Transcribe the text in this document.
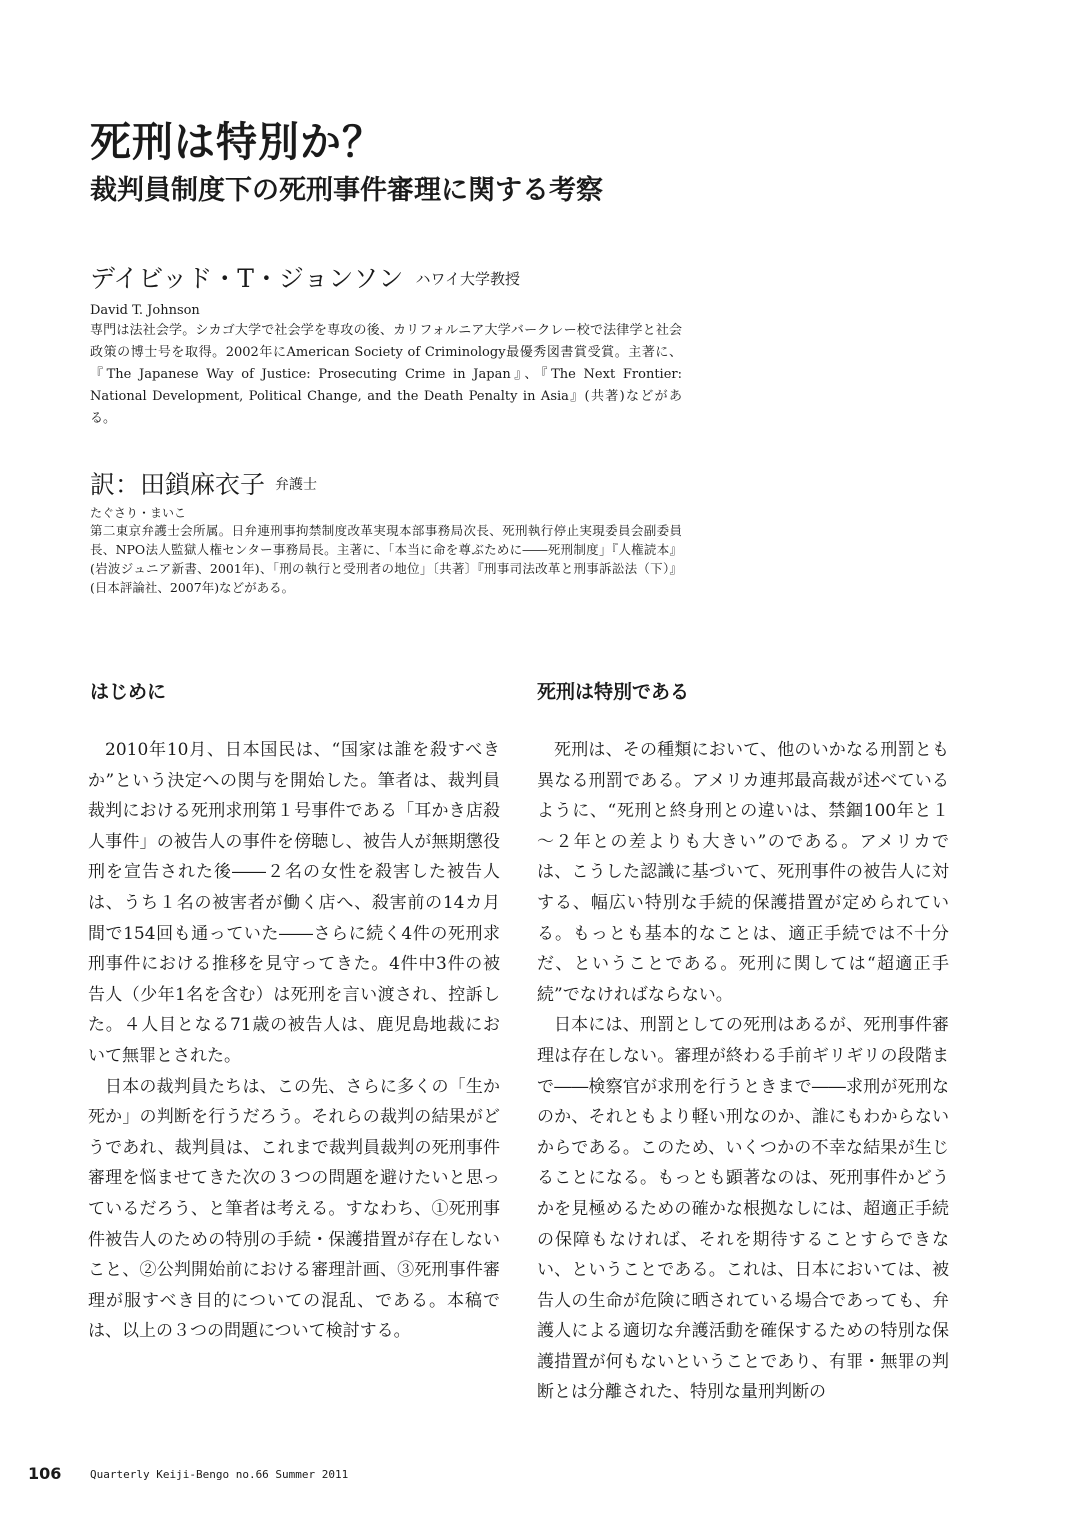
死刑は特別か？
裁判員制度下の死刑事件審理に関する考察
デイビッド・T・ジョンソン ハワイ大学教授
David T. Johnson

専門は法社会学。シカゴ大学で社会学を専攻の後、カリフォルニア大学バークレー校で法律学と社会政策の博士号を取得。2002年にAmerican Society of Criminology最優秀図書賞受賞。主著に、『The Japanese Way of Justice: Prosecuting Crime in Japan』、『The Next Frontier: National Development, Political Change, and the Death Penalty in Asia』(共著)などがある。

訳：田鎖麻衣子 弁護士
たぐさり・まいこ

第二東京弁護士会所属。日弁連刑事拘禁制度改革実現本部事務局次長、死刑執行停止実現委員会副委員長、NPO法人監獄人権センター事務局長。主著に、「本当に命を尊ぶために――死刑制度」『人権読本』(岩波ジュニア新書、2001年)、「刑の執行と受刑者の地位」〔共著〕『刑事司法改革と刑事訴訟法（下）』(日本評論社、2007年)などがある。

はじめに

2010年10月、日本国民は、“国家は誰を殺すべきか”という決定への関与を開始した。筆者は、裁判員裁判における死刑求刑第１号事件である「耳かき店殺人事件」の被告人の事件を傍聴し、被告人が無期懲役刑を宣告された後――２名の女性を殺害した被告人は、うち１名の被害者が働く店へ、殺害前の14カ月間で154回も通っていた――さらに続く4件の死刑求刑事件における推移を見守ってきた。4件中3件の被告人（少年1名を含む）は死刑を言い渡され、控訴した。４人目となる71歳の被告人は、鹿児島地裁において無罪とされた。

日本の裁判員たちは、この先、さらに多くの「生か死か」の判断を行うだろう。それらの裁判の結果がどうであれ、裁判員は、これまで裁判員裁判の死刑事件審理を悩ませてきた次の３つの問題を避けたいと思っているだろう、と筆者は考える。すなわち、①死刑事件被告人のための特別の手続・保護措置が存在しないこと、②公判開始前における審理計画、③死刑事件審理が服すべき目的についての混乱、である。本稿では、以上の３つの問題について検討する。

死刑は特別である

死刑は、その種類において、他のいかなる刑罰とも異なる刑罰である。アメリカ連邦最高裁が述べているように、“死刑と終身刑との違いは、禁錮100年と１～２年との差よりも大きい”のである。アメリカでは、こうした認識に基づいて、死刑事件の被告人に対する、幅広い特別な手続的保護措置が定められている。もっとも基本的なことは、適正手続では不十分だ、ということである。死刑に関しては“超適正手続”でなければならない。

日本には、刑罰としての死刑はあるが、死刑事件審理は存在しない。審理が終わる手前ギリギリの段階まで――検察官が求刑を行うときまで――求刑が死刑なのか、それともより軽い刑なのか、誰にもわからないからである。このため、いくつかの不幸な結果が生じることになる。もっとも顕著なのは、死刑事件かどうかを見極めるための確かな根拠なしには、超適正手続の保障もなければ、それを期待することすらできない、ということである。これは、日本においては、被告人の生命が危険に晒されている場合であっても、弁護人による適切な弁護活動を確保するための特別な保護措置が何もないということであり、有罪・無罪の判断とは分離された、特別な量刑判断の

106	Quarterly Keiji-Bengo no.66 Summer 2011
